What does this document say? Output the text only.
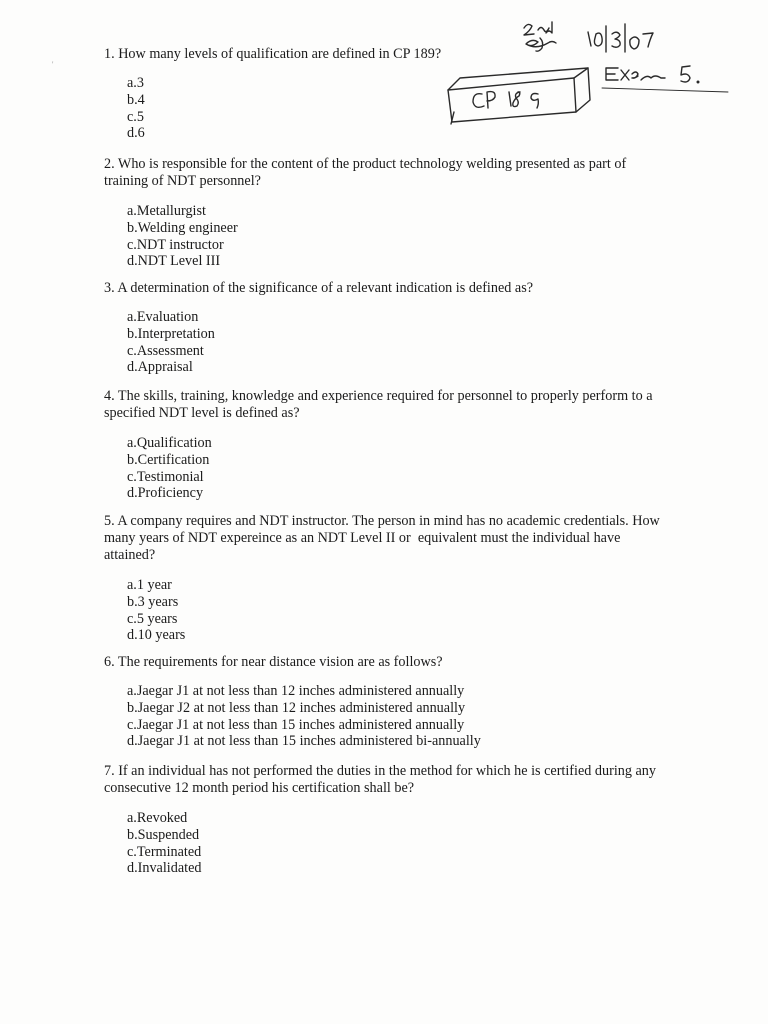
'

1. How many levels of qualification are defined in CP 189?

a.3
b.4
c.5
d.6

2. Who is responsible for the content of the product technology welding presented as part of training of NDT personnel?

a.Metallurgist
b.Welding engineer
c.NDT instructor
d.NDT Level III

3. A determination of the significance of a relevant indication is defined as?

a.Evaluation
b.Interpretation
c.Assessment
d.Appraisal

4. The skills, training, knowledge and experience required for personnel to properly perform to a specified NDT level is defined as?

a.Qualification
b.Certification
c.Testimonial
d.Proficiency

5. A company requires and NDT instructor. The person in mind has no academic credentials. How many years of NDT expereince as an NDT Level II or  equivalent must the individual have attained?

a.1 year
b.3 years
c.5 years
d.10 years

6. The requirements for near distance vision are as follows?

a.Jaegar J1 at not less than 12 inches administered annually
b.Jaegar J2 at not less than 12 inches administered annually
c.Jaegar J1 at not less than 15 inches administered annually
d.Jaegar J1 at not less than 15 inches administered bi-annually

7. If an individual has not performed the duties in the method for which he is certified during any consecutive 12 month period his certification shall be?

a.Revoked
b.Suspended
c.Terminated
d.Invalidated
